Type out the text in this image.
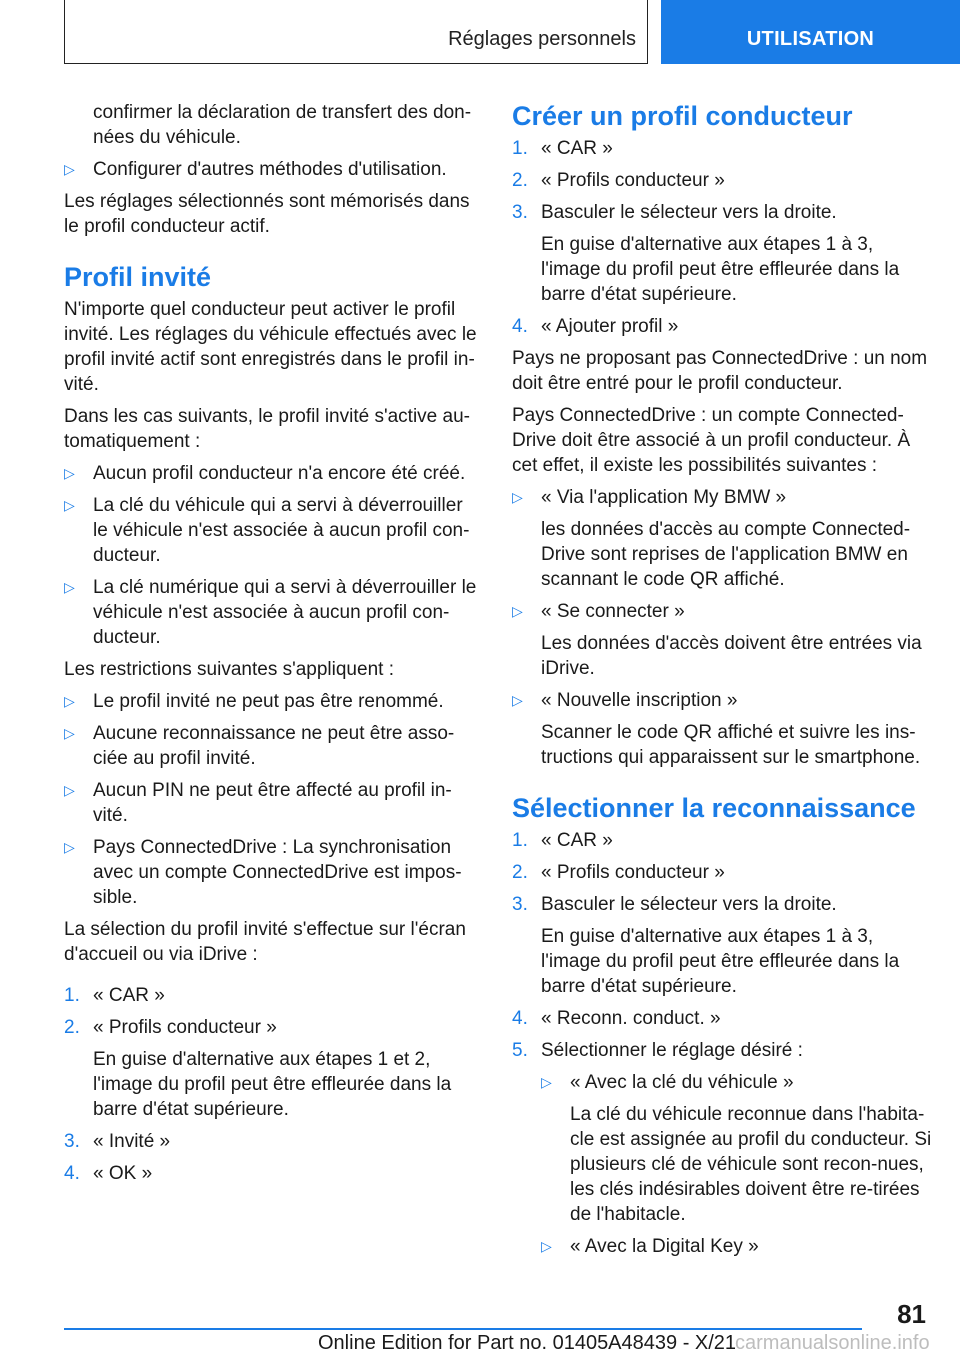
Réglages personnels	UTILISATION

confirmer la déclaration de transfert des don-nées du véhicule.

▷ Configurer d'autres méthodes d'utilisation.

Les réglages sélectionnés sont mémorisés dans le profil conducteur actif.

Profil invité

N'importe quel conducteur peut activer le profil invité. Les réglages du véhicule effectués avec le profil invité actif sont enregistrés dans le profil in-vité.

Dans les cas suivants, le profil invité s'active au-tomatiquement :

▷ Aucun profil conducteur n'a encore été créé.
▷ La clé du véhicule qui a servi à déverrouiller le véhicule n'est associée à aucun profil con-ducteur.
▷ La clé numérique qui a servi à déverrouiller le véhicule n'est associée à aucun profil con-ducteur.

Les restrictions suivantes s'appliquent :

▷ Le profil invité ne peut pas être renommé.
▷ Aucune reconnaissance ne peut être asso-ciée au profil invité.
▷ Aucun PIN ne peut être affecté au profil in-vité.
▷ Pays ConnectedDrive : La synchronisation avec un compte ConnectedDrive est impos-sible.

La sélection du profil invité s'effectue sur l'écran d'accueil ou via iDrive :

1. « CAR »
2. « Profils conducteur »
En guise d'alternative aux étapes 1 et 2, l'image du profil peut être effleurée dans la barre d'état supérieure.
3. « Invité »
4. « OK »
Créer un profil conducteur
1. « CAR »
2. « Profils conducteur »
3. Basculer le sélecteur vers la droite.
En guise d'alternative aux étapes 1 à 3, l'image du profil peut être effleurée dans la barre d'état supérieure.
4. « Ajouter profil »

Pays ne proposant pas ConnectedDrive : un nom doit être entré pour le profil conducteur.

Pays ConnectedDrive : un compte Connected-Drive doit être associé à un profil conducteur. À cet effet, il existe les possibilités suivantes :

▷ « Via l'application My BMW »
les données d'accès au compte Connected-Drive sont reprises de l'application BMW en scannant le code QR affiché.
▷ « Se connecter »
Les données d'accès doivent être entrées via iDrive.
▷ « Nouvelle inscription »
Scanner le code QR affiché et suivre les ins-tructions qui apparaissent sur le smartphone.
Sélectionner la reconnaissance
1. « CAR »
2. « Profils conducteur »
3. Basculer le sélecteur vers la droite.
En guise d'alternative aux étapes 1 à 3, l'image du profil peut être effleurée dans la barre d'état supérieure.
4. « Reconn. conduct. »
5. Sélectionner le réglage désiré :
▷ « Avec la clé du véhicule »
La clé du véhicule reconnue dans l'habita-cle est assignée au profil du conducteur. Si plusieurs clé de véhicule sont recon-nues, les clés indésirables doivent être re-tirées de l'habitacle.
▷ « Avec la Digital Key »
81
Online Edition for Part no. 01405A48439 - X/21
carmanualsonline.info
